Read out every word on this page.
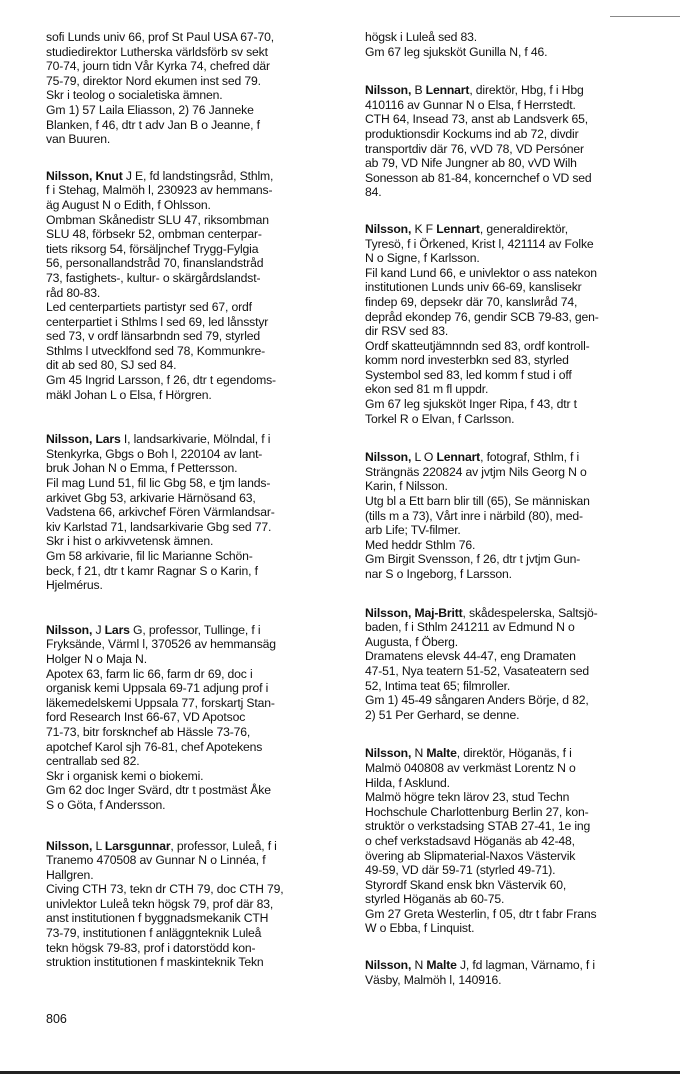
sofi Lunds univ 66, prof St Paul USA 67-70,
studiedirektor Lutherska världsförb sv sekt
70-74, journ tidn Vår Kyrka 74, chefred där
75-79, direktor Nord ekumen inst sed 79.
Skr i teolog o socialetiska ämnen.
Gm 1) 57 Laila Eliasson, 2) 76 Janneke
Blanken, f 46, dtr t adv Jan B o Jeanne, f
van Buuren.
Nilsson, Knut J E, fd landstingsråd, Sthlm,
f i Stehag, Malmöh l, 230923 av hemmans-
äg August N o Edith, f Ohlsson.
Ombman Skånedistr SLU 47, riksombman
SLU 48, förbsekr 52, ombman centerpar-
tiets riksorg 54, försäljnchef Trygg-Fylgia
56, personallandstråd 70, finanslandstråd
73, fastighets-, kultur- o skärgårdslandst-
råd 80-83.
Led centerpartiets partistyr sed 67, ordf
centerpartiet i Sthlms l sed 69, led lånsstyr
sed 73, v ordf länsarbndn sed 79, styrled
Sthlms l utvecklfond sed 78, Kommunkre-
dit ab sed 80, SJ sed 84.
Gm 45 Ingrid Larsson, f 26, dtr t egendoms-
mäkl Johan L o Elsa, f Hörgren.
Nilsson, Lars I, landsarkivarie, Mölndal, f i
Stenkyrka, Gbgs o Boh l, 220104 av lant-
bruk Johan N o Emma, f Pettersson.
Fil mag Lund 51, fil lic Gbg 58, e tjm lands-
arkivet Gbg 53, arkivarie Härnösand 63,
Vadstena 66, arkivchef Fören Värmlandsar-
kiv Karlstad 71, landsarkivarie Gbg sed 77.
Skr i hist o arkivvetensk ämnen.
Gm 58 arkivarie, fil lic Marianne Schön-
beck, f 21, dtr t kamr Ragnar S o Karin, f
Hjelmérus.
Nilsson, J Lars G, professor, Tullinge, f i
Fryksände, Värml l, 370526 av hemmansäg
Holger N o Maja N.
Apotex 63, farm lic 66, farm dr 69, doc i
organisk kemi Uppsala 69-71 adjung prof i
läkemedelskemi Uppsala 77, forskartj Stan-
ford Research Inst 66-67, VD Apotsoc
71-73, bitr forsknchef ab Hässle 73-76,
apotchef Karol sjh 76-81, chef Apotekens
centrallab sed 82.
Skr i organisk kemi o biokemi.
Gm 62 doc Inger Svärd, dtr t postmäst Åke
S o Göta, f Andersson.
Nilsson, L Larsgunnar, professor, Luleå, f i
Tranemo 470508 av Gunnar N o Linnéa, f
Hallgren.
Civing CTH 73, tekn dr CTH 79, doc CTH 79,
univlektor Luleå tekn högsk 79, prof där 83,
anst institutionen f byggnadsmekanik CTH
73-79, institutionen f anläggnteknik Luleå
tekn högsk 79-83, prof i datorstödd kon-
struktion institutionen f maskinteknik Tekn
högsk i Luleå sed 83.
Gm 67 leg sjuksköt Gunilla N, f 46.
Nilsson, B Lennart, direktör, Hbg, f i Hbg
410116 av Gunnar N o Elsa, f Herrstedt.
CTH 64, Insead 73, anst ab Landsverk 65,
produktionsdir Kockums ind ab 72, divdir
transportdiv där 76, vVD 78, VD Persóner
ab 79, VD Nife Jungner ab 80, vVD Wilh
Sonesson ab 81-84, koncernchef o VD sed
84.
Nilsson, K F Lennart, generaldirektör,
Tyresö, f i Örkened, Krist l, 421114 av Folke
N o Signe, f Karlsson.
Fil kand Lund 66, e univlektor o ass natekon
institutionen Lunds univ 66-69, kanslisekr
findep 69, depsekr där 70, kanslиråd 74,
depråd ekondep 76, gendir SCB 79-83, gen-
dir RSV sed 83.
Ordf skatteutjämnndn sed 83, ordf kontroll-
komm nord investerbkn sed 83, styrled
Systembol sed 83, led komm f stud i off
ekon sed 81 m fl uppdr.
Gm 67 leg sjuksköt Inger Ripa, f 43, dtr t
Torkel R o Elvan, f Carlsson.
Nilsson, L O Lennart, fotograf, Sthlm, f i
Strängnäs 220824 av jvtjm Nils Georg N o
Karin, f Nilsson.
Utg bl a Ett barn blir till (65), Se människan
(tills m a 73), Vårt inre i närbild (80), med-
arb Life; TV-filmer.
Med heddr Sthlm 76.
Gm Birgit Svensson, f 26, dtr t jvtjm Gun-
nar S o Ingeborg, f Larsson.
Nilsson, Maj-Britt, skådespelerska, Saltsjö-
baden, f i Sthlm 241211 av Edmund N o
Augusta, f Öberg.
Dramatens elevsk 44-47, eng Dramaten
47-51, Nya teatern 51-52, Vasateatern sed
52, Intima teat 65; filmroller.
Gm 1) 45-49 sångaren Anders Börje, d 82,
2) 51 Per Gerhard, se denne.
Nilsson, N Malte, direktör, Höganäs, f i
Malmö 040808 av verkmäst Lorentz N o
Hilda, f Asklund.
Malmö högre tekn lärov 23, stud Techn
Hochschule Charlottenburg Berlin 27, kon-
struktör o verkstadsing STAB 27-41, 1e ing
o chef verkstadsavd Höganäs ab 42-48,
övering ab Slipmaterial-Naxos Västervik
49-59, VD där 59-71 (styrled 49-71).
Styrordf Skand ensk bkn Västervik 60,
styrled Höganäs ab 60-75.
Gm 27 Greta Westerlin, f 05, dtr t fabr Frans
W o Ebba, f Linquist.
Nilsson, N Malte J, fd lagman, Värnamo, f i
Väsby, Malmöh l, 140916.
806
